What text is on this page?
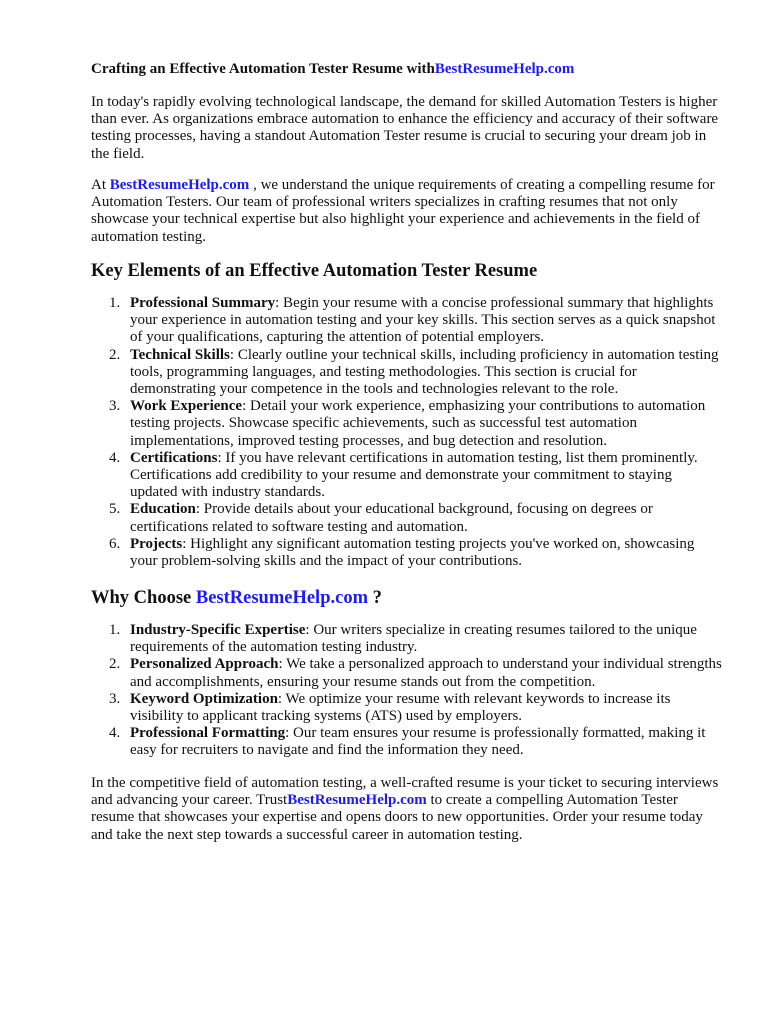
Crafting an Effective Automation Tester Resume withBestResumeHelp.com

In today's rapidly evolving technological landscape, the demand for skilled Automation Testers is higher than ever. As organizations embrace automation to enhance the efficiency and accuracy of their software testing processes, having a standout Automation Tester resume is crucial to securing your dream job in the field.

At BestResumeHelp.com , we understand the unique requirements of creating a compelling resume for Automation Testers. Our team of professional writers specializes in crafting resumes that not only showcase your technical expertise but also highlight your experience and achievements in the field of automation testing.

Key Elements of an Effective Automation Tester Resume
1. Professional Summary: Begin your resume with a concise professional summary that highlights your experience in automation testing and your key skills. This section serves as a quick snapshot of your qualifications, capturing the attention of potential employers.
2. Technical Skills: Clearly outline your technical skills, including proficiency in automation testing tools, programming languages, and testing methodologies. This section is crucial for demonstrating your competence in the tools and technologies relevant to the role.
3. Work Experience: Detail your work experience, emphasizing your contributions to automation testing projects. Showcase specific achievements, such as successful test automation implementations, improved testing processes, and bug detection and resolution.
4. Certifications: If you have relevant certifications in automation testing, list them prominently. Certifications add credibility to your resume and demonstrate your commitment to staying updated with industry standards.
5. Education: Provide details about your educational background, focusing on degrees or certifications related to software testing and automation.
6. Projects: Highlight any significant automation testing projects you've worked on, showcasing your problem-solving skills and the impact of your contributions.
Why Choose BestResumeHelp.com ?
1. Industry-Specific Expertise: Our writers specialize in creating resumes tailored to the unique requirements of the automation testing industry.
2. Personalized Approach: We take a personalized approach to understand your individual strengths and accomplishments, ensuring your resume stands out from the competition.
3. Keyword Optimization: We optimize your resume with relevant keywords to increase its visibility to applicant tracking systems (ATS) used by employers.
4. Professional Formatting: Our team ensures your resume is professionally formatted, making it easy for recruiters to navigate and find the information they need.

In the competitive field of automation testing, a well-crafted resume is your ticket to securing interviews and advancing your career. TrustBestResumeHelp.com to create a compelling Automation Tester resume that showcases your expertise and opens doors to new opportunities. Order your resume today and take the next step towards a successful career in automation testing.
